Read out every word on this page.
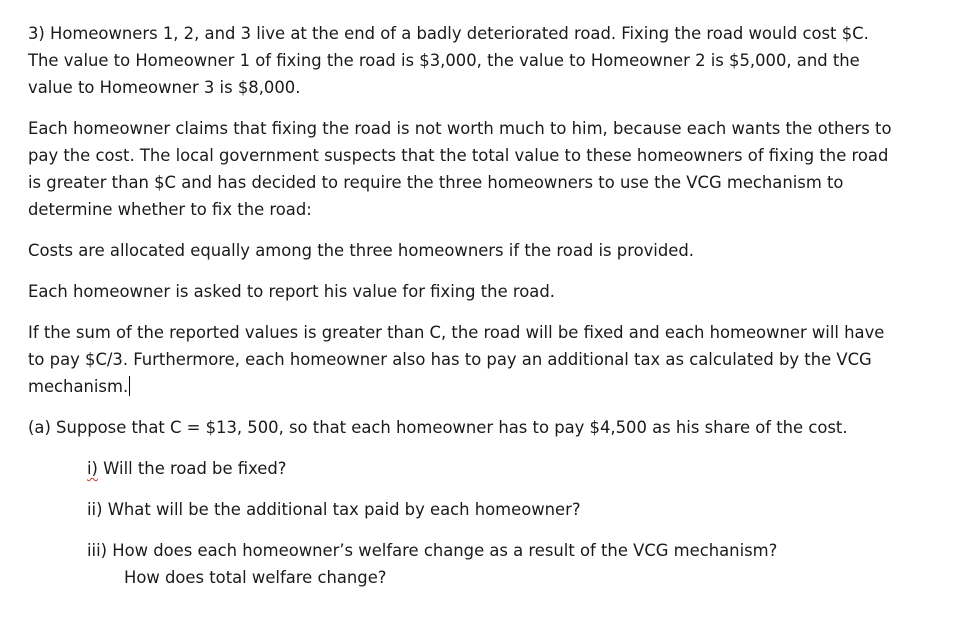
3) Homeowners 1, 2, and 3 live at the end of a badly deteriorated road. Fixing the road would cost $C.
The value to Homeowner 1 of fixing the road is $3,000, the value to Homeowner 2 is $5,000, and the
value to Homeowner 3 is $8,000.
Each homeowner claims that fixing the road is not worth much to him, because each wants the others to
pay the cost. The local government suspects that the total value to these homeowners of fixing the road
is greater than $C and has decided to require the three homeowners to use the VCG mechanism to
determine whether to fix the road:
Costs are allocated equally among the three homeowners if the road is provided.
Each homeowner is asked to report his value for fixing the road.
If the sum of the reported values is greater than C, the road will be fixed and each homeowner will have
to pay $C/3. Furthermore, each homeowner also has to pay an additional tax as calculated by the VCG
mechanism.
(a) Suppose that C = $13, 500, so that each homeowner has to pay $4,500 as his share of the cost.
i) Will the road be fixed?
ii) What will be the additional tax paid by each homeowner?
iii) How does each homeowner’s welfare change as a result of the VCG mechanism?
How does total welfare change?
